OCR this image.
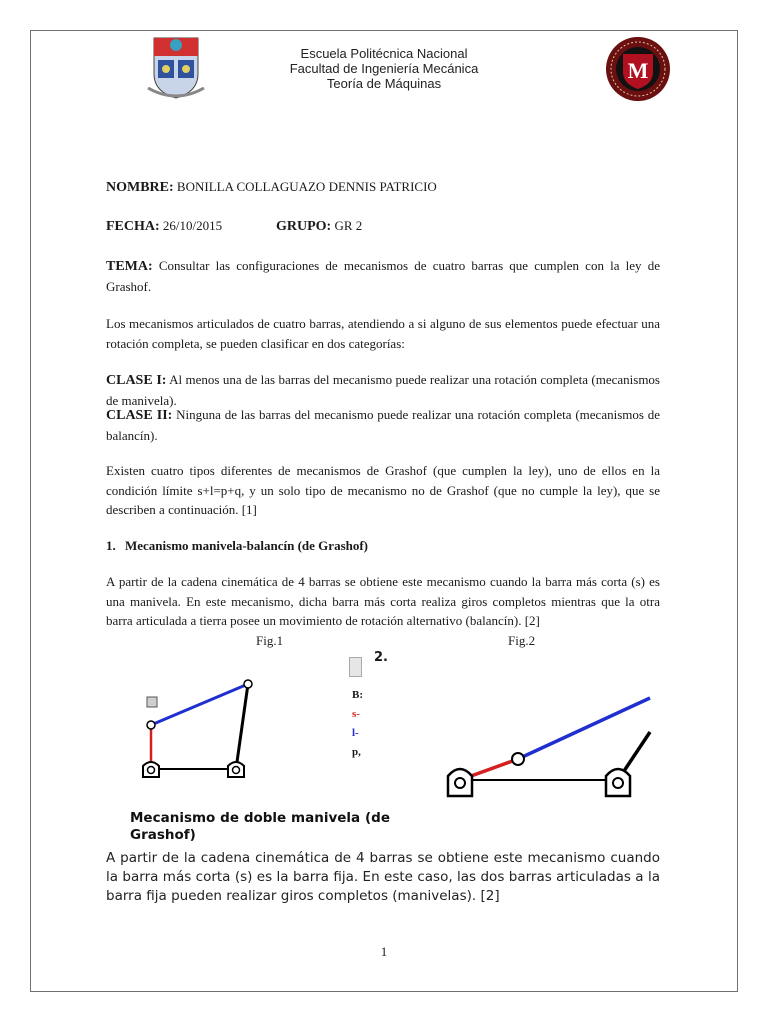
Escuela Politécnica Nacional
Facultad de Ingeniería Mecánica
Teoría de Máquinas
M
NOMBRE: BONILLA COLLAGUAZO DENNIS PATRICIO
FECHA: 26/10/2015	GRUPO: GR 2
TEMA: Consultar las configuraciones de mecanismos de cuatro barras que cumplen con la ley de Grashof.
Los mecanismos articulados de cuatro barras, atendiendo a si alguno de sus elementos puede efectuar una rotación completa, se pueden clasificar en dos categorías:
CLASE I: Al menos una de las barras del mecanismo puede realizar una rotación completa (mecanismos de manivela).
CLASE II: Ninguna de las barras del mecanismo puede realizar una rotación completa (mecanismos de balancín).
Existen cuatro tipos diferentes de mecanismos de Grashof (que cumplen la ley), uno de ellos en la condición límite s+l=p+q, y un solo tipo de mecanismo no de Grashof (que no cumple la ley), que se describen a continuación. [1]
1. Mecanismo manivela-balancín (de Grashof)
A partir de la cadena cinemática de 4 barras se obtiene este mecanismo cuando la barra más corta (s) es una manivela. En este mecanismo, dicha barra más corta realiza giros completos mientras que la otra barra articulada a tierra posee un movimiento de rotación alternativo (balancín). [2]
Fig.1	Fig.2
2.
B:
s-
l-
p,
Mecanismo de doble manivela (de Grashof)
A partir de la cadena cinemática de 4 barras se obtiene este mecanismo cuando la barra más corta (s) es la barra fija. En este caso, las dos barras articuladas a la barra fija pueden realizar giros completos (manivelas). [2]
1
